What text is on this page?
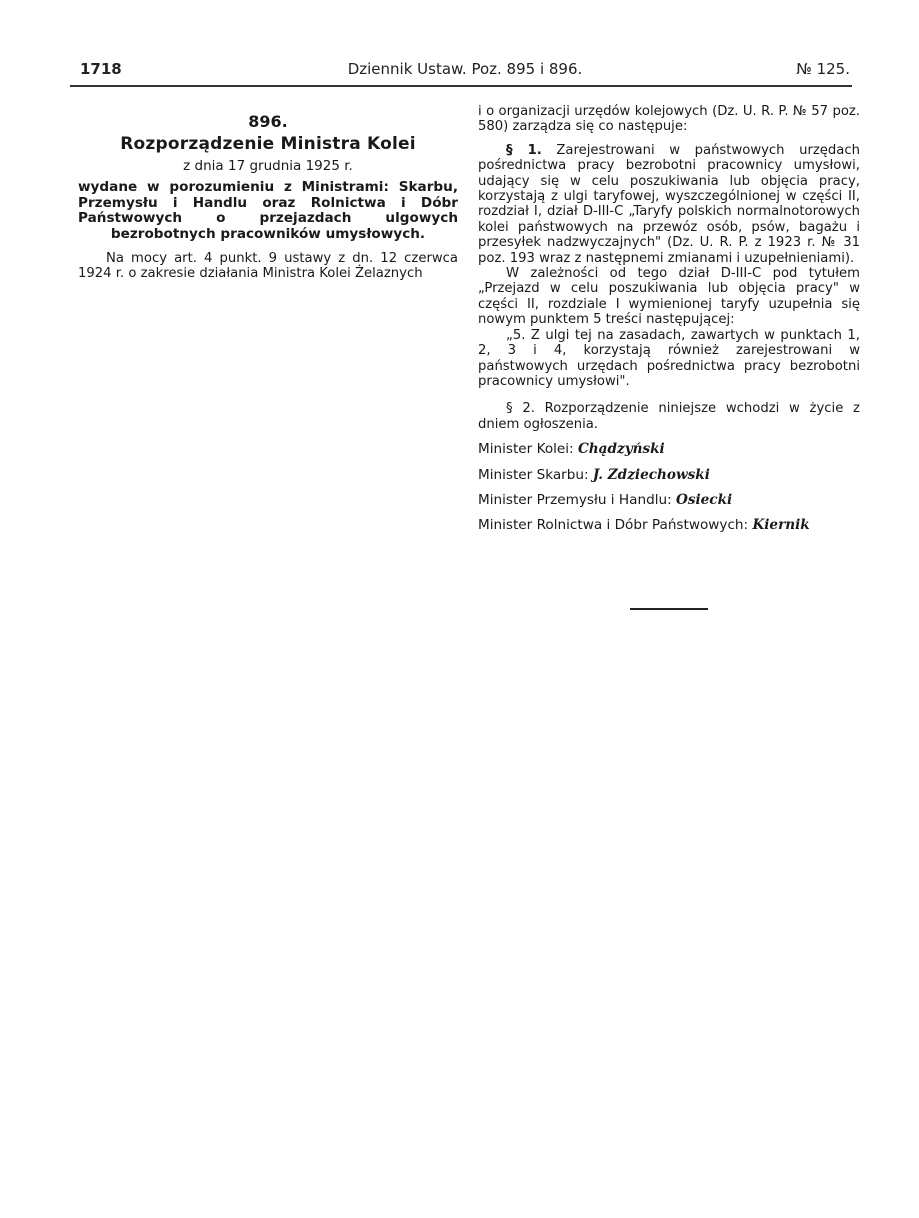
1718	Dziennik Ustaw. Poz. 895 i 896.	№ 125.

896.

Rozporządzenie Ministra Kolei

z dnia 17 grudnia 1925 r.

wydane w porozumieniu z Ministrami: Skarbu, Przemysłu i Handlu oraz Rolnictwa i Dóbr Państwowych o przejazdach ulgowych bezrobotnych pracowników umysłowych.

Na mocy art. 4 punkt. 9 ustawy z dn. 12 czerwca 1924 r. o zakresie działania Ministra Kolei Żelaznych

i o organizacji urzędów kolejowych (Dz. U. R. P. № 57 poz. 580) zarządza się co następuje:

§ 1. Zarejestrowani w państwowych urzędach pośrednictwa pracy bezrobotni pracownicy umysłowi, udający się w celu poszukiwania lub objęcia pracy, korzystają z ulgi taryfowej, wyszczególnionej w części II, rozdział I, dział D-III-C „Taryfy polskich normalnotorowych kolei państwowych na przewóz osób, psów, bagażu i przesyłek nadzwyczajnych" (Dz. U. R. P. z 1923 r. № 31 poz. 193 wraz z następnemi zmianami i uzupełnieniami).

W zależności od tego dział D-III-C pod tytułem „Przejazd w celu poszukiwania lub objęcia pracy" w części II, rozdziale I wymienionej taryfy uzupełnia się nowym punktem 5 treści następującej:

„5. Z ulgi tej na zasadach, zawartych w punktach 1, 2, 3 i 4, korzystają również zarejestrowani w państwowych urzędach pośrednictwa pracy bezrobotni pracownicy umysłowi".

§ 2. Rozporządzenie niniejsze wchodzi w życie z dniem ogłoszenia.

Minister Kolei: Chądzyński

Minister Skarbu: J. Zdziechowski

Minister Przemysłu i Handlu: Osiecki

Minister Rolnictwa i Dóbr Państwowych: Kiernik
